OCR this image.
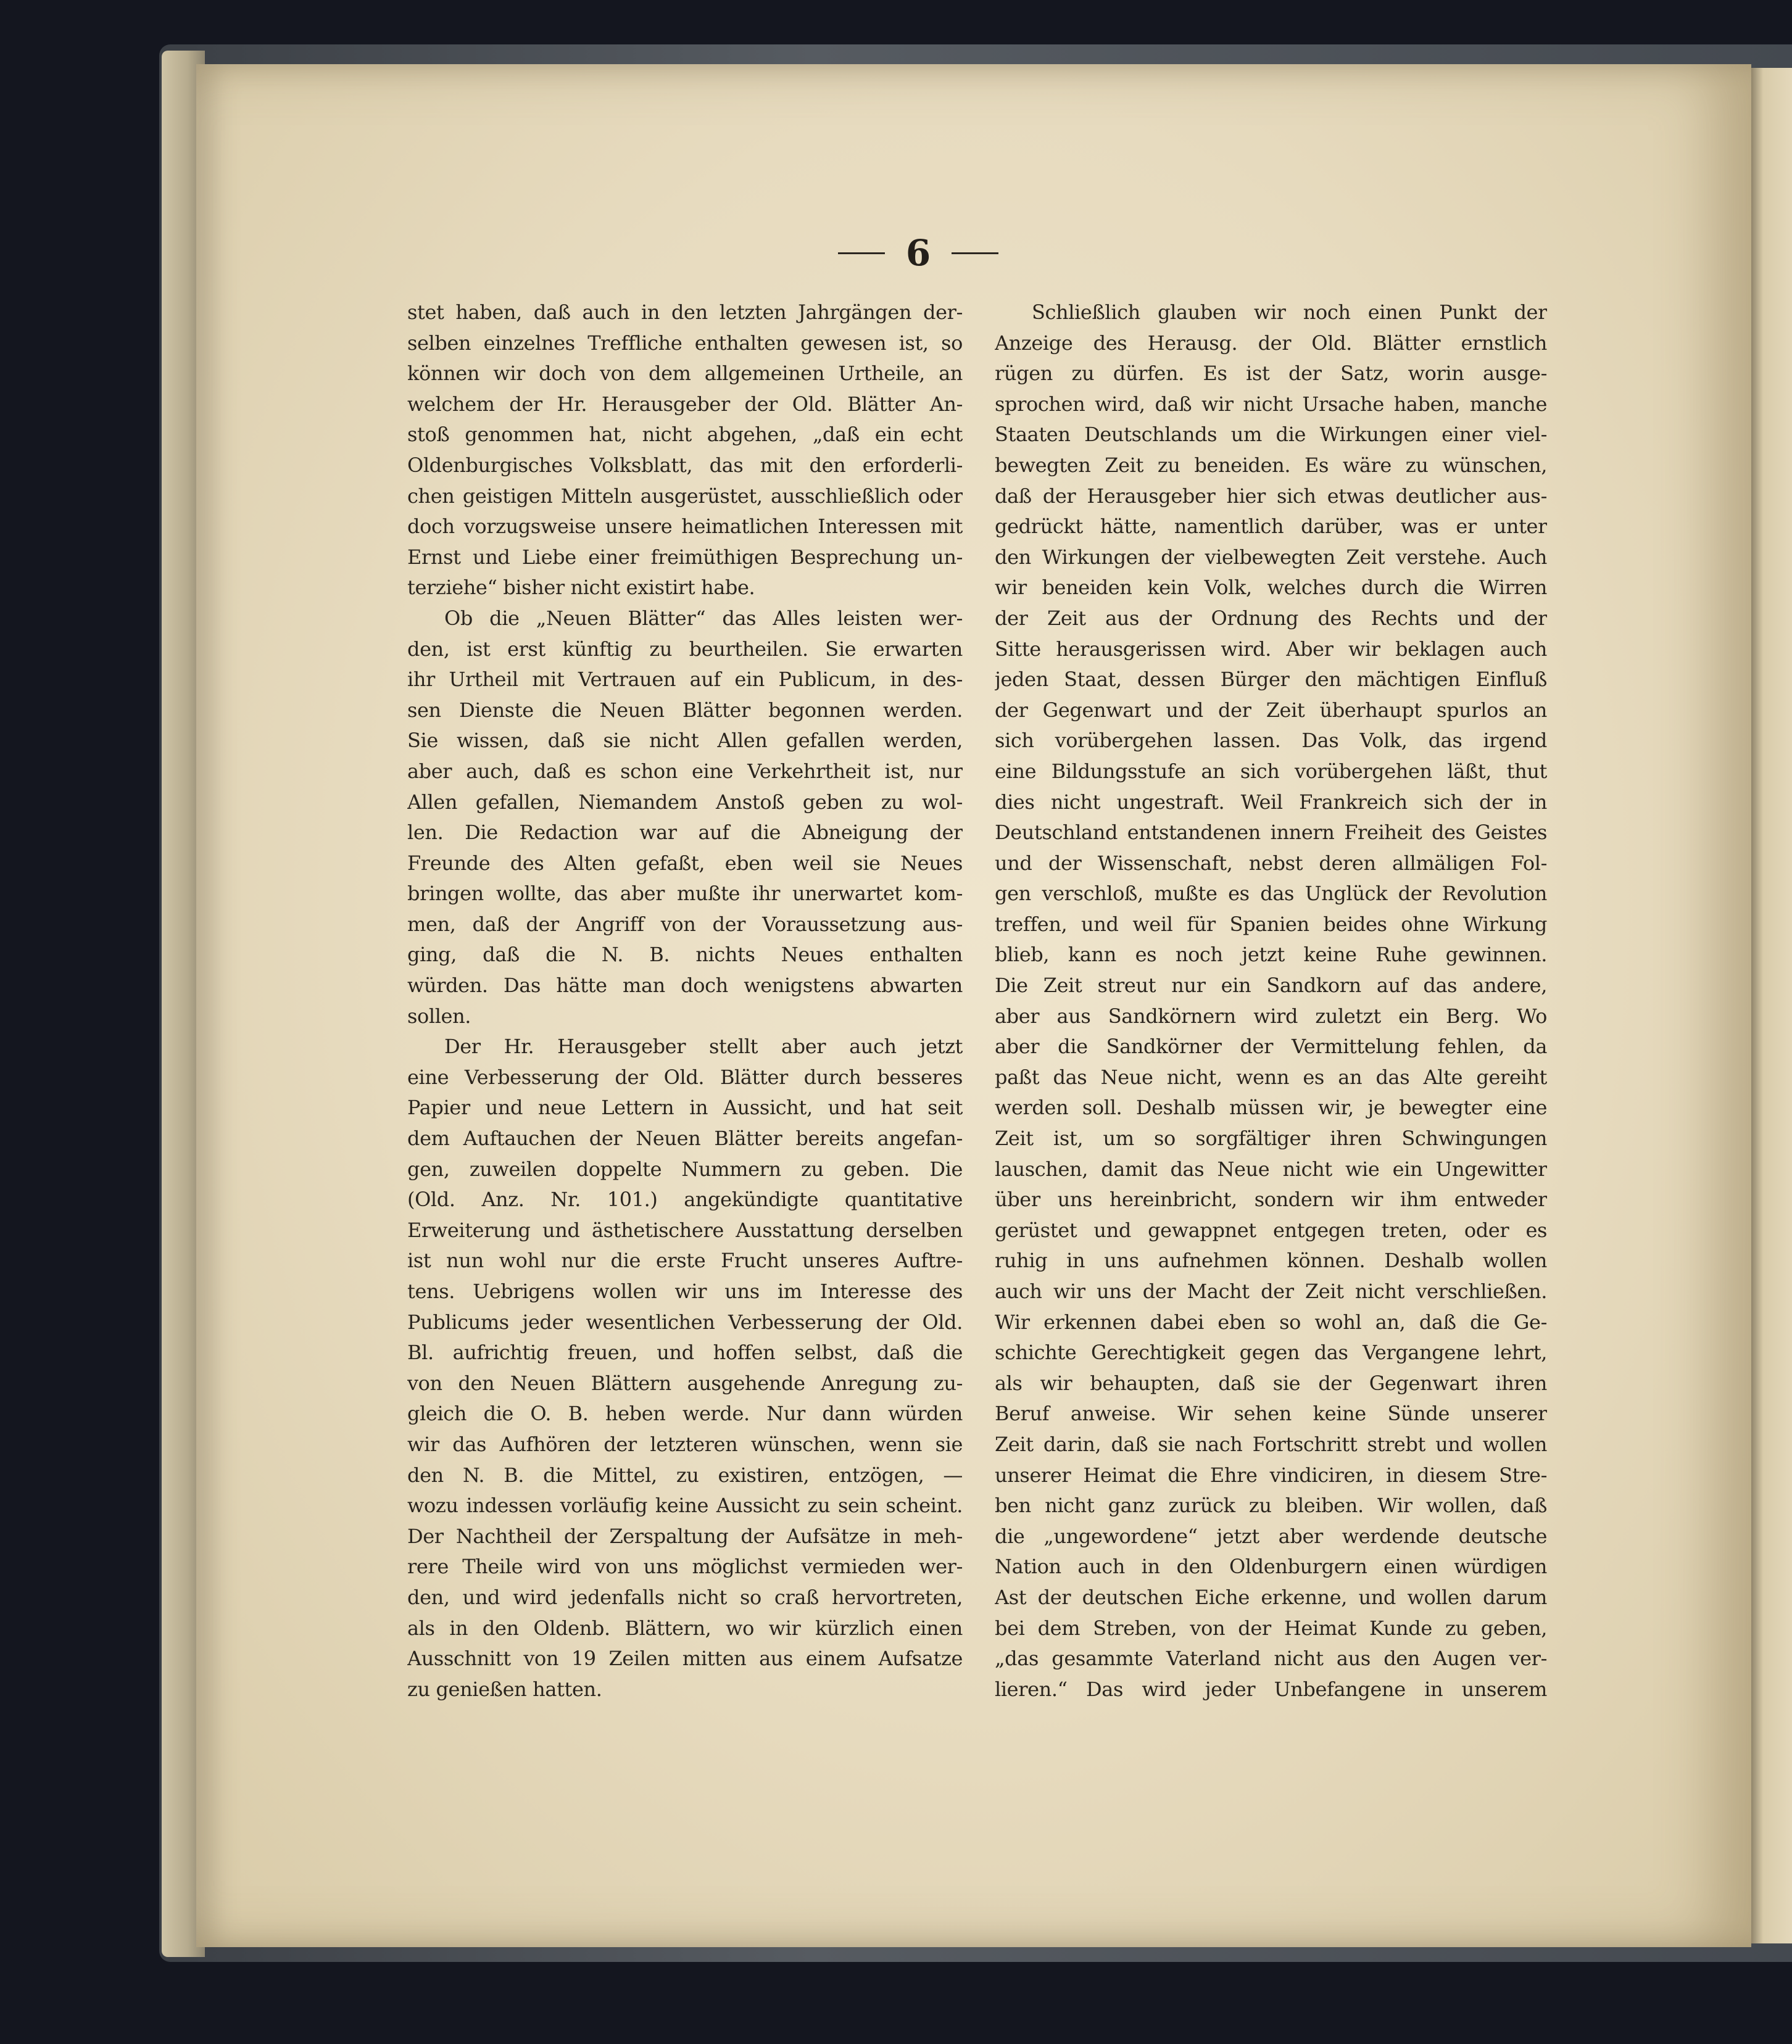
6
stet haben, daß auch in den letzten Jahrgängen der-
selben einzelnes Treffliche enthalten gewesen ist, so
können wir doch von dem allgemeinen Urtheile, an
welchem der Hr. Herausgeber der Old. Blätter An-
stoß genommen hat, nicht abgehen, „daß ein echt
Oldenburgisches Volksblatt, das mit den erforderli-
chen geistigen Mitteln ausgerüstet, ausschließlich oder
doch vorzugsweise unsere heimatlichen Interessen mit
Ernst und Liebe einer freimüthigen Besprechung un-
terziehe“ bisher nicht existirt habe.
Ob die „Neuen Blätter“ das Alles leisten wer-
den, ist erst künftig zu beurtheilen. Sie erwarten
ihr Urtheil mit Vertrauen auf ein Publicum, in des-
sen Dienste die Neuen Blätter begonnen werden.
Sie wissen, daß sie nicht Allen gefallen werden,
aber auch, daß es schon eine Verkehrtheit ist, nur
Allen gefallen, Niemandem Anstoß geben zu wol-
len. Die Redaction war auf die Abneigung der
Freunde des Alten gefaßt, eben weil sie Neues
bringen wollte, das aber mußte ihr unerwartet kom-
men, daß der Angriff von der Voraussetzung aus-
ging, daß die N. B. nichts Neues enthalten
würden. Das hätte man doch wenigstens abwarten
sollen.
Der Hr. Herausgeber stellt aber auch jetzt
eine Verbesserung der Old. Blätter durch besseres
Papier und neue Lettern in Aussicht, und hat seit
dem Auftauchen der Neuen Blätter bereits angefan-
gen, zuweilen doppelte Nummern zu geben. Die
(Old. Anz. Nr. 101.) angekündigte quantitative
Erweiterung und ästhetischere Ausstattung derselben
ist nun wohl nur die erste Frucht unseres Auftre-
tens. Uebrigens wollen wir uns im Interesse des
Publicums jeder wesentlichen Verbesserung der Old.
Bl. aufrichtig freuen, und hoffen selbst, daß die
von den Neuen Blättern ausgehende Anregung zu-
gleich die O. B. heben werde. Nur dann würden
wir das Aufhören der letzteren wünschen, wenn sie
den N. B. die Mittel, zu existiren, entzögen, —
wozu indessen vorläufig keine Aussicht zu sein scheint.
Der Nachtheil der Zerspaltung der Aufsätze in meh-
rere Theile wird von uns möglichst vermieden wer-
den, und wird jedenfalls nicht so craß hervortreten,
als in den Oldenb. Blättern, wo wir kürzlich einen
Ausschnitt von 19 Zeilen mitten aus einem Aufsatze
zu genießen hatten.
Schließlich glauben wir noch einen Punkt der
Anzeige des Herausg. der Old. Blätter ernstlich
rügen zu dürfen. Es ist der Satz, worin ausge-
sprochen wird, daß wir nicht Ursache haben, manche
Staaten Deutschlands um die Wirkungen einer viel-
bewegten Zeit zu beneiden. Es wäre zu wünschen,
daß der Herausgeber hier sich etwas deutlicher aus-
gedrückt hätte, namentlich darüber, was er unter
den Wirkungen der vielbewegten Zeit verstehe. Auch
wir beneiden kein Volk, welches durch die Wirren
der Zeit aus der Ordnung des Rechts und der
Sitte herausgerissen wird. Aber wir beklagen auch
jeden Staat, dessen Bürger den mächtigen Einfluß
der Gegenwart und der Zeit überhaupt spurlos an
sich vorübergehen lassen. Das Volk, das irgend
eine Bildungsstufe an sich vorübergehen läßt, thut
dies nicht ungestraft. Weil Frankreich sich der in
Deutschland entstandenen innern Freiheit des Geistes
und der Wissenschaft, nebst deren allmäligen Fol-
gen verschloß, mußte es das Unglück der Revolution
treffen, und weil für Spanien beides ohne Wirkung
blieb, kann es noch jetzt keine Ruhe gewinnen.
Die Zeit streut nur ein Sandkorn auf das andere,
aber aus Sandkörnern wird zuletzt ein Berg. Wo
aber die Sandkörner der Vermittelung fehlen, da
paßt das Neue nicht, wenn es an das Alte gereiht
werden soll. Deshalb müssen wir, je bewegter eine
Zeit ist, um so sorgfältiger ihren Schwingungen
lauschen, damit das Neue nicht wie ein Ungewitter
über uns hereinbricht, sondern wir ihm entweder
gerüstet und gewappnet entgegen treten, oder es
ruhig in uns aufnehmen können. Deshalb wollen
auch wir uns der Macht der Zeit nicht verschließen.
Wir erkennen dabei eben so wohl an, daß die Ge-
schichte Gerechtigkeit gegen das Vergangene lehrt,
als wir behaupten, daß sie der Gegenwart ihren
Beruf anweise. Wir sehen keine Sünde unserer
Zeit darin, daß sie nach Fortschritt strebt und wollen
unserer Heimat die Ehre vindiciren, in diesem Stre-
ben nicht ganz zurück zu bleiben. Wir wollen, daß
die „ungewordene“ jetzt aber werdende deutsche
Nation auch in den Oldenburgern einen würdigen
Ast der deutschen Eiche erkenne, und wollen darum
bei dem Streben, von der Heimat Kunde zu geben,
„das gesammte Vaterland nicht aus den Augen ver-
lieren.“ Das wird jeder Unbefangene in unserem
